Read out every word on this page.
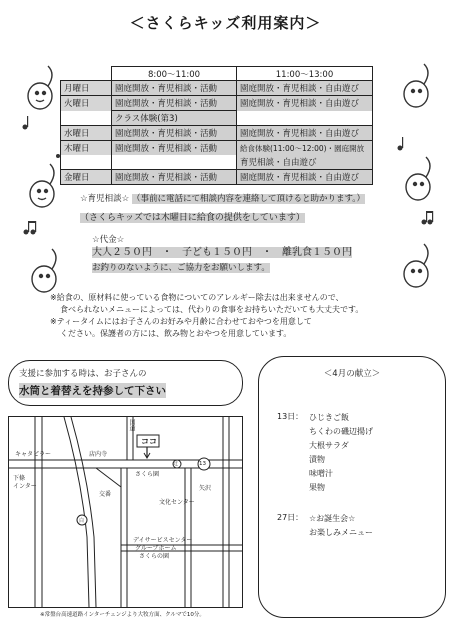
＜さくらキッズ利用案内＞
	8:00～11:00	11:00～13:00
月曜日	園庭開放・育児相談・活動	園庭開放・育児相談・自由遊び
火曜日	園庭開放・育児相談・活動	園庭開放・育児相談・自由遊び
	クラス体験(第3)	
水曜日	園庭開放・育児相談・活動	園庭開放・育児相談・自由遊び
木曜日	園庭開放・育児相談・活動	給食体験(11:00～12:00)・園庭開放
		育児相談・自由遊び
金曜日	園庭開放・育児相談・活動	園庭開放・育児相談・自由遊び
☆育児相談☆ （事前に電話にて相談内容を連絡して頂けると助かります。）
（さくらキッズでは木曜日に給食の提供をしています）
☆代金☆
大人２５０円　・　子ども１５０円　・　離乳食１５０円
お釣りのないように、ご協力をお願いします。
※給食の、原材料に使っている食物についてのアレルギー除去は出来ませんので、
食べられないメニューによっては、代わりの食事をお持ちいただいても大丈夫です。
※ティータイムにはお子さんのお好みや月齢に合わせておやつを用意して
ください。保護者の方には、飲み物とおやつを用意しています。
支援に参加する時は、お子さんの
水筒と着替えを持参して下さい
キャタピラー
下條
インター
店内寺
ココ
さくら園
交番
文化センター
矢沢
辻
白
13
デイサービスセンター
グループホーム
さくらの園
国道
※常盤台高速道路インターチェンジより大牧方面、クルマで10分。
＜4月の献立＞
13日： ひじきご飯
ちくわの磯辺揚げ
大根サラダ
漬物
味噌汁
果物
27日： ☆お誕生会☆
お楽しみメニュー
